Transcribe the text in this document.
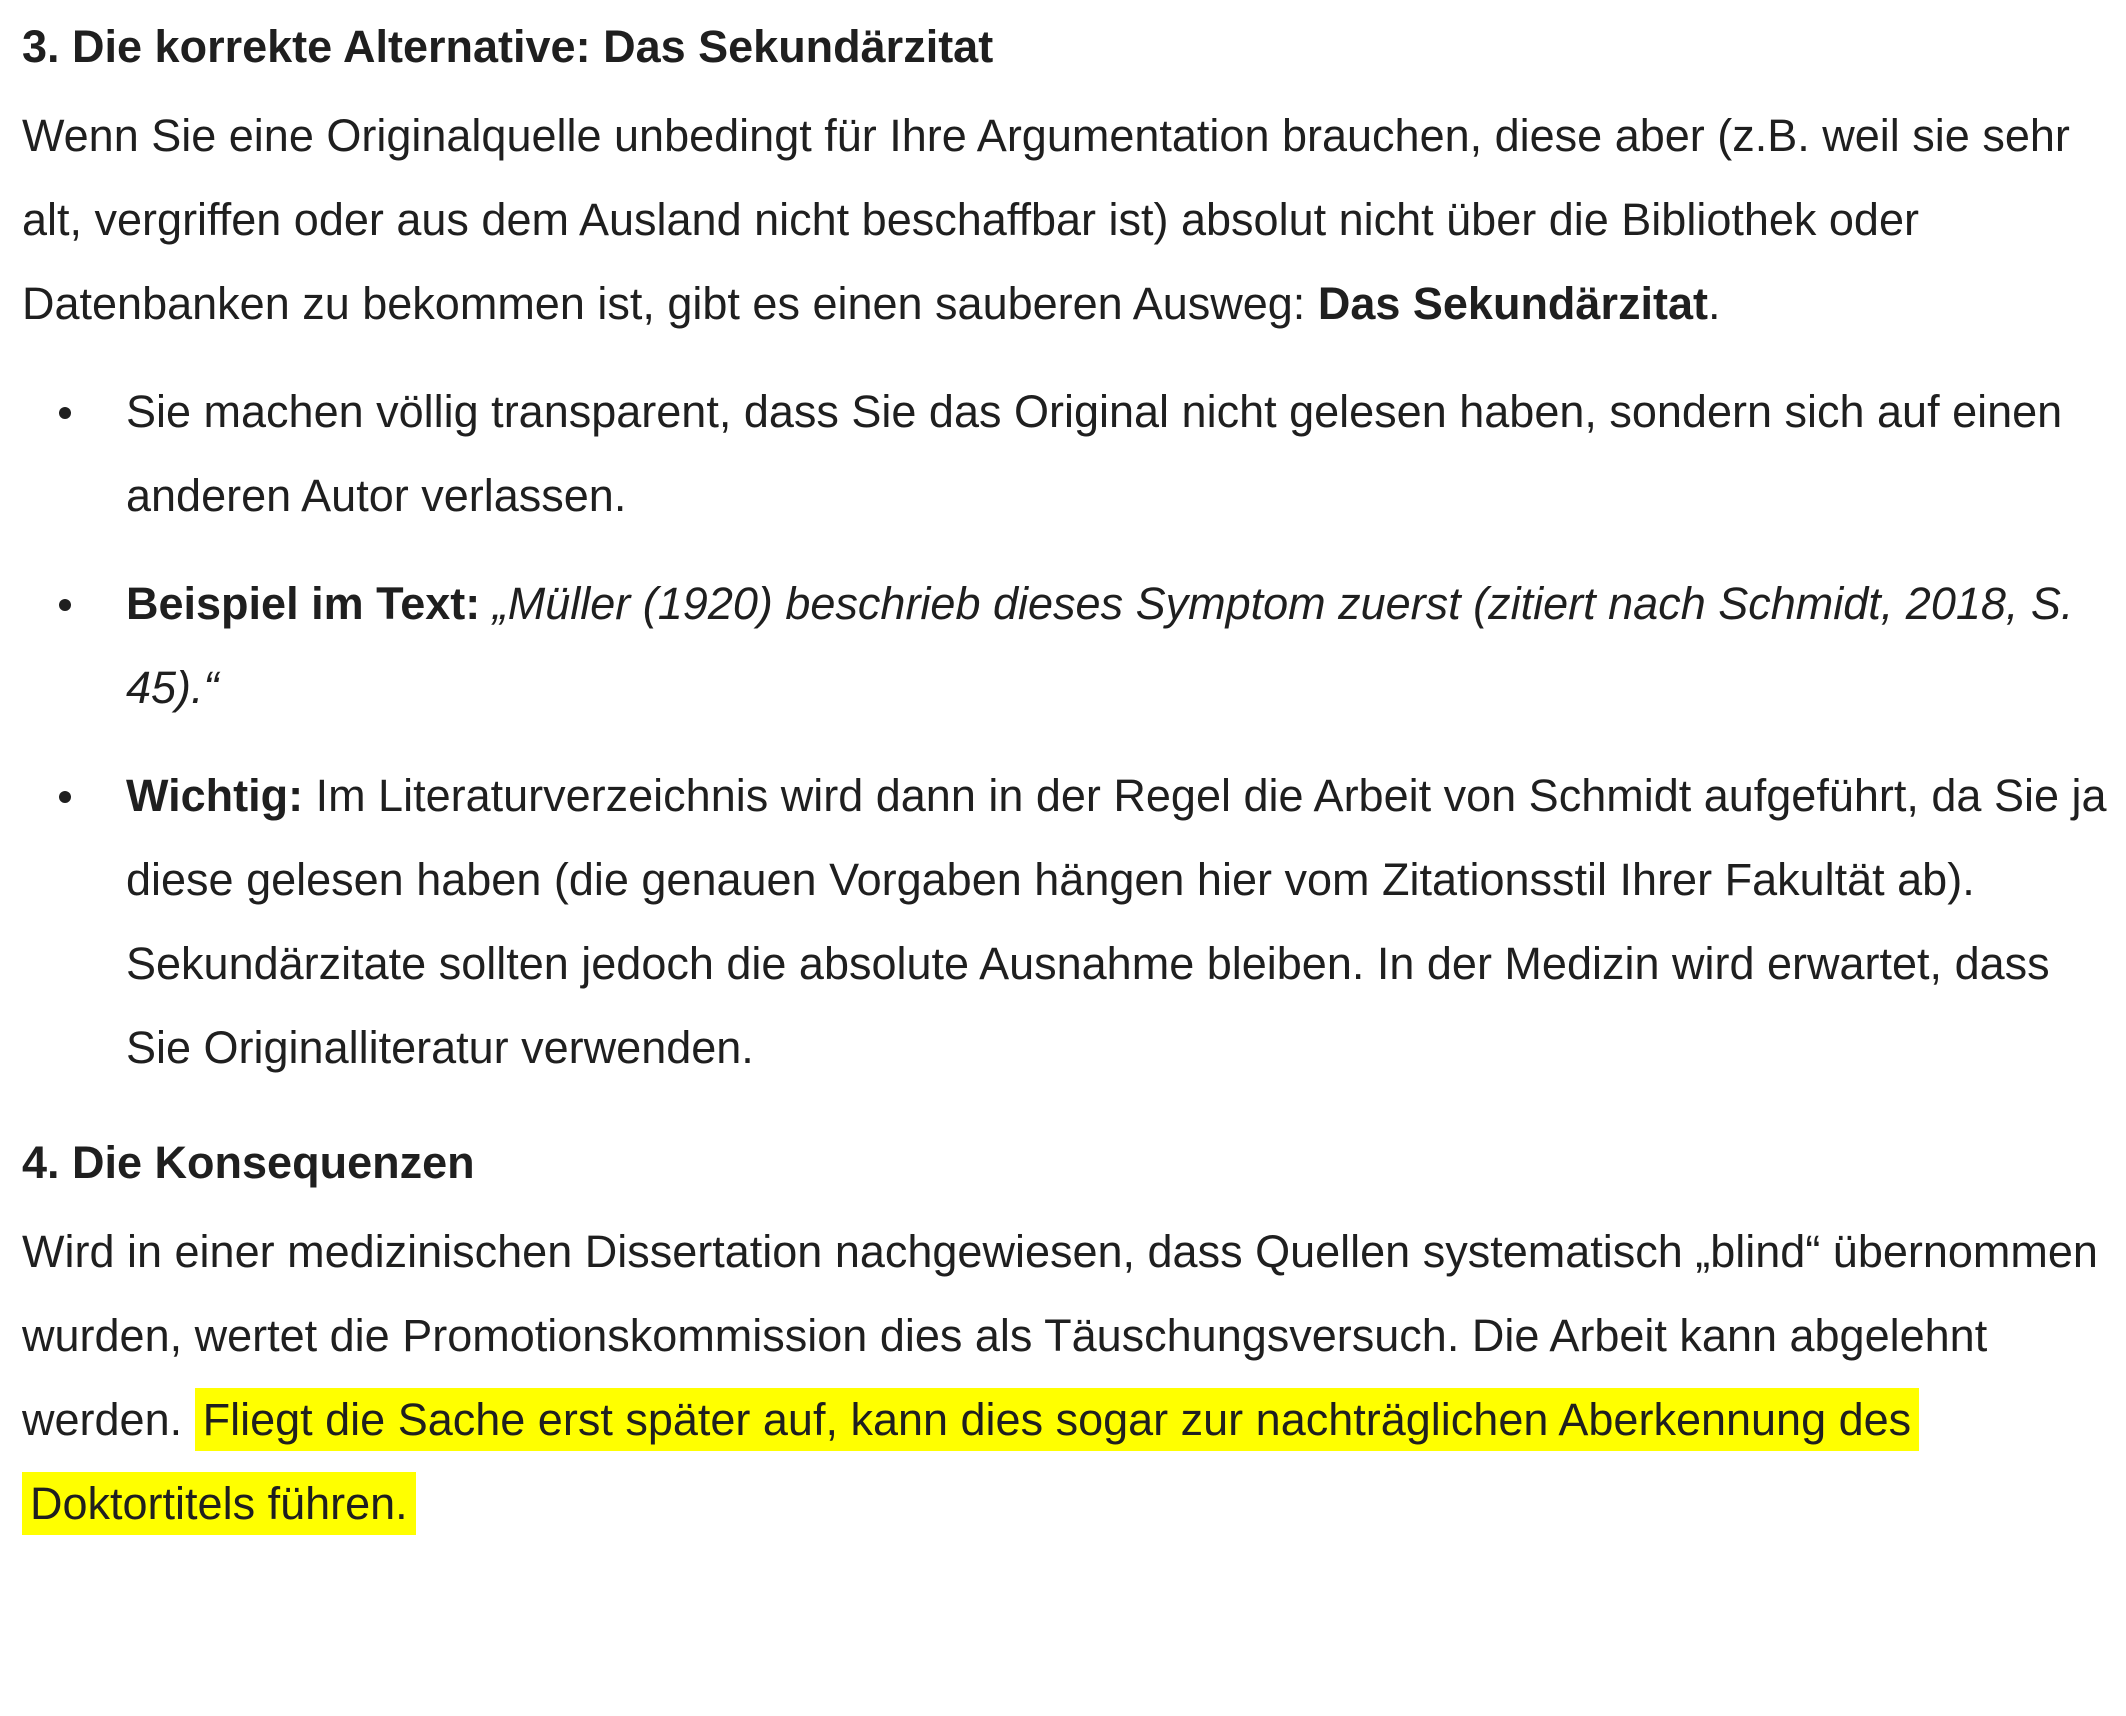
3. Die korrekte Alternative: Das Sekundärzitat

Wenn Sie eine Originalquelle unbedingt für Ihre Argumentation brauchen, diese aber (z.B. weil sie sehr alt, vergriffen oder aus dem Ausland nicht beschaffbar ist) absolut nicht über die Bibliothek oder Datenbanken zu bekommen ist, gibt es einen sauberen Ausweg: Das Sekundärzitat.

Sie machen völlig transparent, dass Sie das Original nicht gelesen haben, sondern sich auf einen anderen Autor verlassen.
Beispiel im Text: „Müller (1920) beschrieb dieses Symptom zuerst (zitiert nach Schmidt, 2018, S. 45).“
Wichtig: Im Literaturverzeichnis wird dann in der Regel die Arbeit von Schmidt aufgeführt, da Sie ja diese gelesen haben (die genauen Vorgaben hängen hier vom Zitationsstil Ihrer Fakultät ab). Sekundärzitate sollten jedoch die absolute Ausnahme bleiben. In der Medizin wird erwartet, dass Sie Originalliteratur verwenden.
4. Die Konsequenzen

Wird in einer medizinischen Dissertation nachgewiesen, dass Quellen systematisch „blind“ übernommen wurden, wertet die Promotionskommission dies als Täuschungsversuch. Die Arbeit kann abgelehnt werden. Fliegt die Sache erst später auf, kann dies sogar zur nachträglichen Aberkennung des Doktortitels führen.
